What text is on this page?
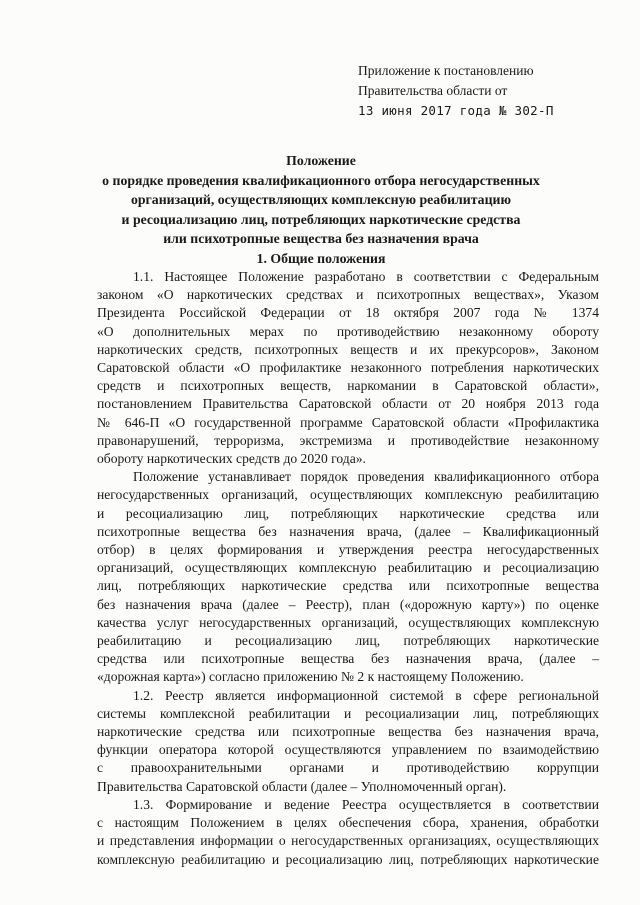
Приложение к постановлению
Правительства области от
13 июня 2017 года № 302-П
Положение
о порядке проведения квалификационного отбора негосударственных
организаций, осуществляющих комплексную реабилитацию
и ресоциализацию лиц, потребляющих наркотические средства
или психотропные вещества без назначения врача
1. Общие положения
1.1. Настоящее Положение разработано в соответствии с Федеральным
законом «О наркотических средствах и психотропных веществах», Указом
Президента Российской Федерации от 18 октября 2007 года № 1374
«О дополнительных мерах по противодействию незаконному обороту
наркотических средств, психотропных веществ и их прекурсоров», Законом
Саратовской области «О профилактике незаконного потребления наркотических
средств и психотропных веществ, наркомании в Саратовской области»,
постановлением Правительства Саратовской области от 20 ноября 2013 года
№ 646-П «О государственной программе Саратовской области «Профилактика
правонарушений, терроризма, экстремизма и противодействие незаконному
обороту наркотических средств до 2020 года».
Положение устанавливает порядок проведения квалификационного отбора
негосударственных организаций, осуществляющих комплексную реабилитацию
и ресоциализацию лиц, потребляющих наркотические средства или
психотропные вещества без назначения врача, (далее – Квалификационный
отбор) в целях формирования и утверждения реестра негосударственных
организаций, осуществляющих комплексную реабилитацию и ресоциализацию
лиц, потребляющих наркотические средства или психотропные вещества
без назначения врача (далее – Реестр), план («дорожную карту») по оценке
качества услуг негосударственных организаций, осуществляющих комплексную
реабилитацию и ресоциализацию лиц, потребляющих наркотические
средства или психотропные вещества без назначения врача, (далее –
«дорожная карта») согласно приложению № 2 к настоящему Положению.
1.2. Реестр является информационной системой в сфере региональной
системы комплексной реабилитации и ресоциализации лиц, потребляющих
наркотические средства или психотропные вещества без назначения врача,
функции оператора которой осуществляются управлением по взаимодействию
с правоохранительными органами и противодействию коррупции
Правительства Саратовской области (далее – Уполномоченный орган).
1.3. Формирование и ведение Реестра осуществляется в соответствии
с настоящим Положением в целях обеспечения сбора, хранения, обработки
и представления информации о негосударственных организациях, осуществляющих
комплексную реабилитацию и ресоциализацию лиц, потребляющих наркотические
